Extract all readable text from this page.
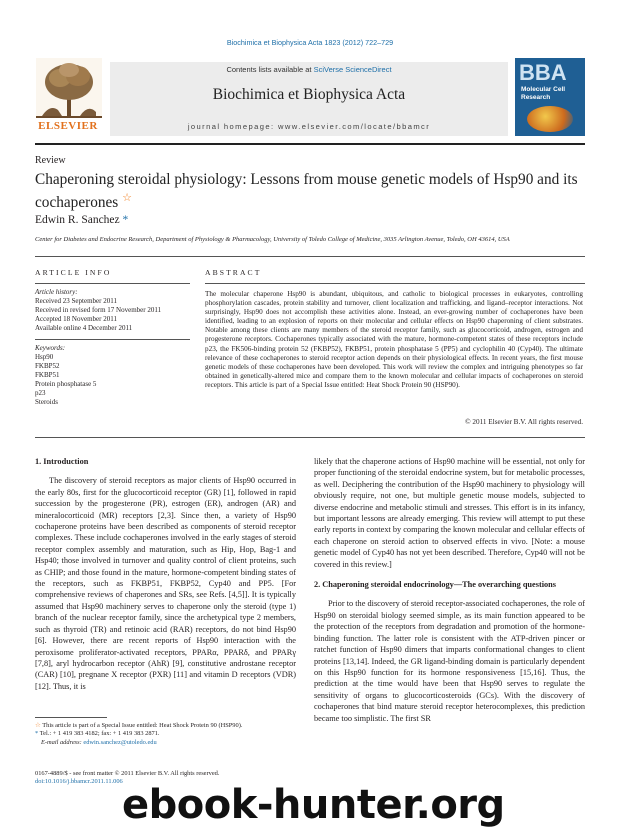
Biochimica et Biophysica Acta 1823 (2012) 722–729
ELSEVIER
Contents lists available at SciVerse ScienceDirect
Biochimica et Biophysica Acta
journal homepage: www.elsevier.com/locate/bbamcr
BBA
Molecular Cell Research
Review
Chaperoning steroidal physiology: Lessons from mouse genetic models of Hsp90 and its cochaperones ☆
Edwin R. Sanchez *
Center for Diabetes and Endocrine Research, Department of Physiology & Pharmacology, University of Toledo College of Medicine, 3035 Arlington Avenue, Toledo, OH 43614, USA
ARTICLE INFO
Article history:
Received 23 September 2011
Received in revised form 17 November 2011
Accepted 18 November 2011
Available online 4 December 2011
Keywords:
Hsp90
FKBP52
FKBP51
Protein phosphatase 5
p23
Steroids
ABSTRACT
The molecular chaperone Hsp90 is abundant, ubiquitous, and catholic to biological processes in eukaryotes, controlling phosphorylation cascades, protein stability and turnover, client localization and trafficking, and ligand–receptor interactions. Not surprisingly, Hsp90 does not accomplish these activities alone. Instead, an ever-growing number of cochaperones have been identified, leading to an explosion of reports on their molecular and cellular effects on Hsp90 chaperoning of client substrates. Notable among these clients are many members of the steroid receptor family, such as glucocorticoid, androgen, estrogen and progesterone receptors. Cochaperones typically associated with the mature, hormone-competent states of these receptors include p23, the FK506-binding protein 52 (FKBP52), FKBP51, protein phosphatase 5 (PP5) and cyclophilin 40 (Cyp40). The ultimate relevance of these cochaperones to steroid receptor action depends on their physiological effects. In recent years, the first mouse genetic models of these cochaperones have been developed. This work will review the complex and intriguing phenotypes so far obtained in genetically-altered mice and compare them to the known molecular and cellular impacts of cochaperones on steroid receptors. This article is part of a Special Issue entitled: Heat Shock Protein 90 (HSP90).
© 2011 Elsevier B.V. All rights reserved.
1. Introduction

The discovery of steroid receptors as major clients of Hsp90 occurred in the early 80s, first for the glucocorticoid receptor (GR) [1], followed in rapid succession by the progesterone (PR), estrogen (ER), androgen (AR) and mineralocorticoid (MR) receptors [2,3]. Since then, a variety of Hsp90 cochaperone proteins have been described as components of steroid receptor complexes. These include cochaperones involved in the early stages of steroid receptor complex assembly and maturation, such as Hip, Hop, Bag-1 and Hsp40; those involved in turnover and quality control of client proteins, such as CHIP; and those found in the mature, hormone-competent binding states of the receptors, such as FKBP51, FKBP52, Cyp40 and PP5. [For comprehensive reviews of chaperones and SRs, see Refs. [4,5]]. It is typically assumed that Hsp90 machinery serves to chaperone only the steroid (type 1) branch of the nuclear receptor family, since the archetypical type 2 members, such as thyroid (TR) and retinoic acid (RAR) receptors, do not bind Hsp90 [6]. However, there are recent reports of Hsp90 interaction with the peroxisome proliferator-activated receptors, PPARα, PPARδ, and PPARγ [7,8], aryl hydrocarbon receptor (AhR) [9], constitutive androstane receptor (CAR) [10], pregnane X receptor (PXR) [11] and vitamin D receptors (VDR) [12]. Thus, it is

likely that the chaperone actions of Hsp90 machine will be essential, not only for proper functioning of the steroidal endocrine system, but for metabolic processes, as well. Deciphering the contribution of the Hsp90 machinery to physiology will obviously require, not one, but multiple genetic mouse models, subjected to diverse endocrine and metabolic stimuli and stresses. This effort is in its infancy, but important lessons are already emerging. This review will attempt to put these early reports in context by comparing the known molecular and cellular effects of each chaperone on steroid action to observed effects in vivo. [Note: a mouse genetic model of Cyp40 has not yet been described. Therefore, Cyp40 will not be covered in this review.]

2. Chaperoning steroidal endocrinology—The overarching questions

Prior to the discovery of steroid receptor-associated cochaperones, the role of Hsp90 on steroidal biology seemed simple, as its main function appeared to be the protection of the receptors from degradation and promotion of the hormone-binding function. The latter role is consistent with the ATP-driven pincer or ratchet function of Hsp90 dimers that imparts conformational changes to client proteins [13,14]. Indeed, the GR ligand-binding domain is particularly dependent on this Hsp90 function for its hormone responsiveness [15,16]. Thus, the prediction at the time would have been that Hsp90 serves to regulate the sensitivity of organs to glucocorticosteroids (GCs). With the discovery of cochaperones that bind mature steroid receptor heterocomplexes, this prediction became too simplistic. The first SR

☆ This article is part of a Special Issue entitled: Heat Shock Protein 90 (HSP90).
* Tel.: + 1 419 383 4182; fax: + 1 419 383 2871.
E-mail address: edwin.sanchez@utoledo.edu
0167-4889/$ - see front matter © 2011 Elsevier B.V. All rights reserved.
doi:10.1016/j.bbamcr.2011.11.006
ebook-hunter.org
